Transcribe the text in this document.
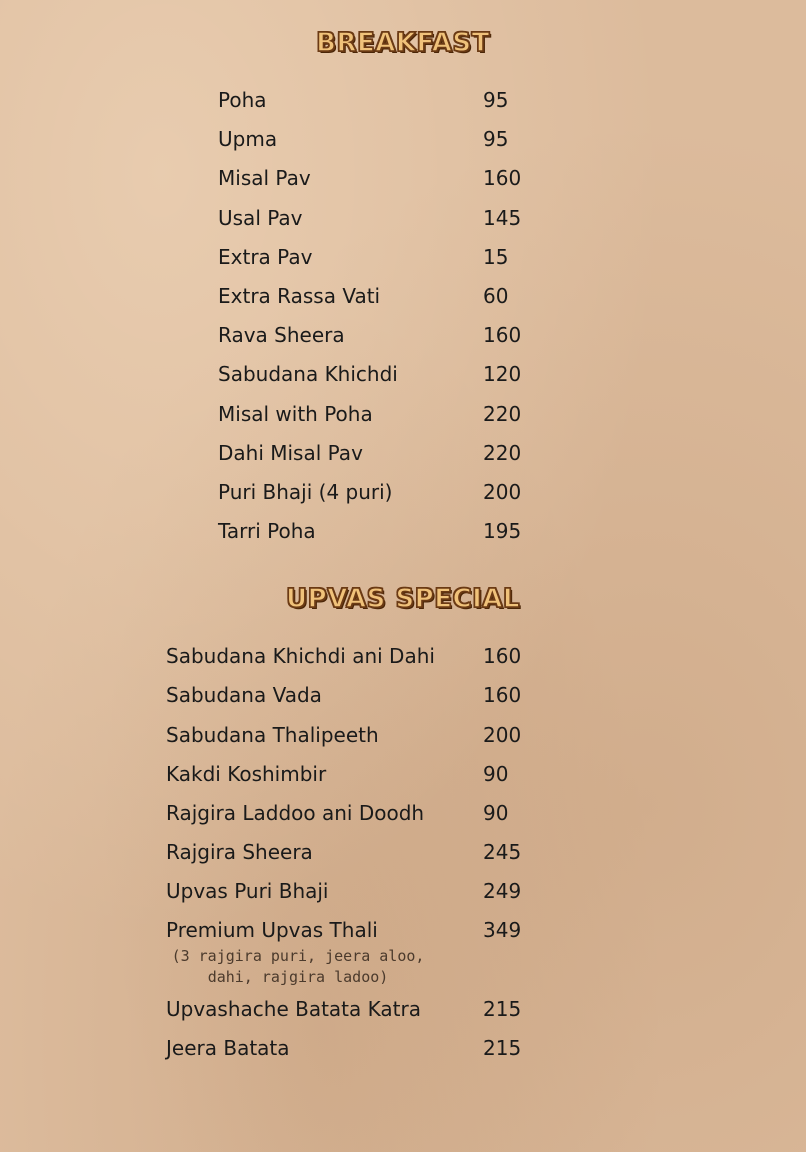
BREAKFAST
Poha	95
Upma	95
Misal Pav	160
Usal Pav	145
Extra Pav	15
Extra Rassa Vati	60
Rava Sheera	160
Sabudana Khichdi	120
Misal with Poha	220
Dahi Misal Pav	220
Puri Bhaji (4 puri)	200
Tarri Poha	195
UPVAS SPECIAL
Sabudana Khichdi ani Dahi 160
Sabudana Vada	160
Sabudana Thalipeeth	200
Kakdi Koshimbir	90
Rajgira Laddoo ani Doodh	90
Rajgira Sheera	245
Upvas Puri Bhaji	249
Premium Upvas Thali	349
Upvashache Batata Katra	215
Jeera Batata	215
(3 rajgira puri, jeera aloo,
dahi, rajgira ladoo)
